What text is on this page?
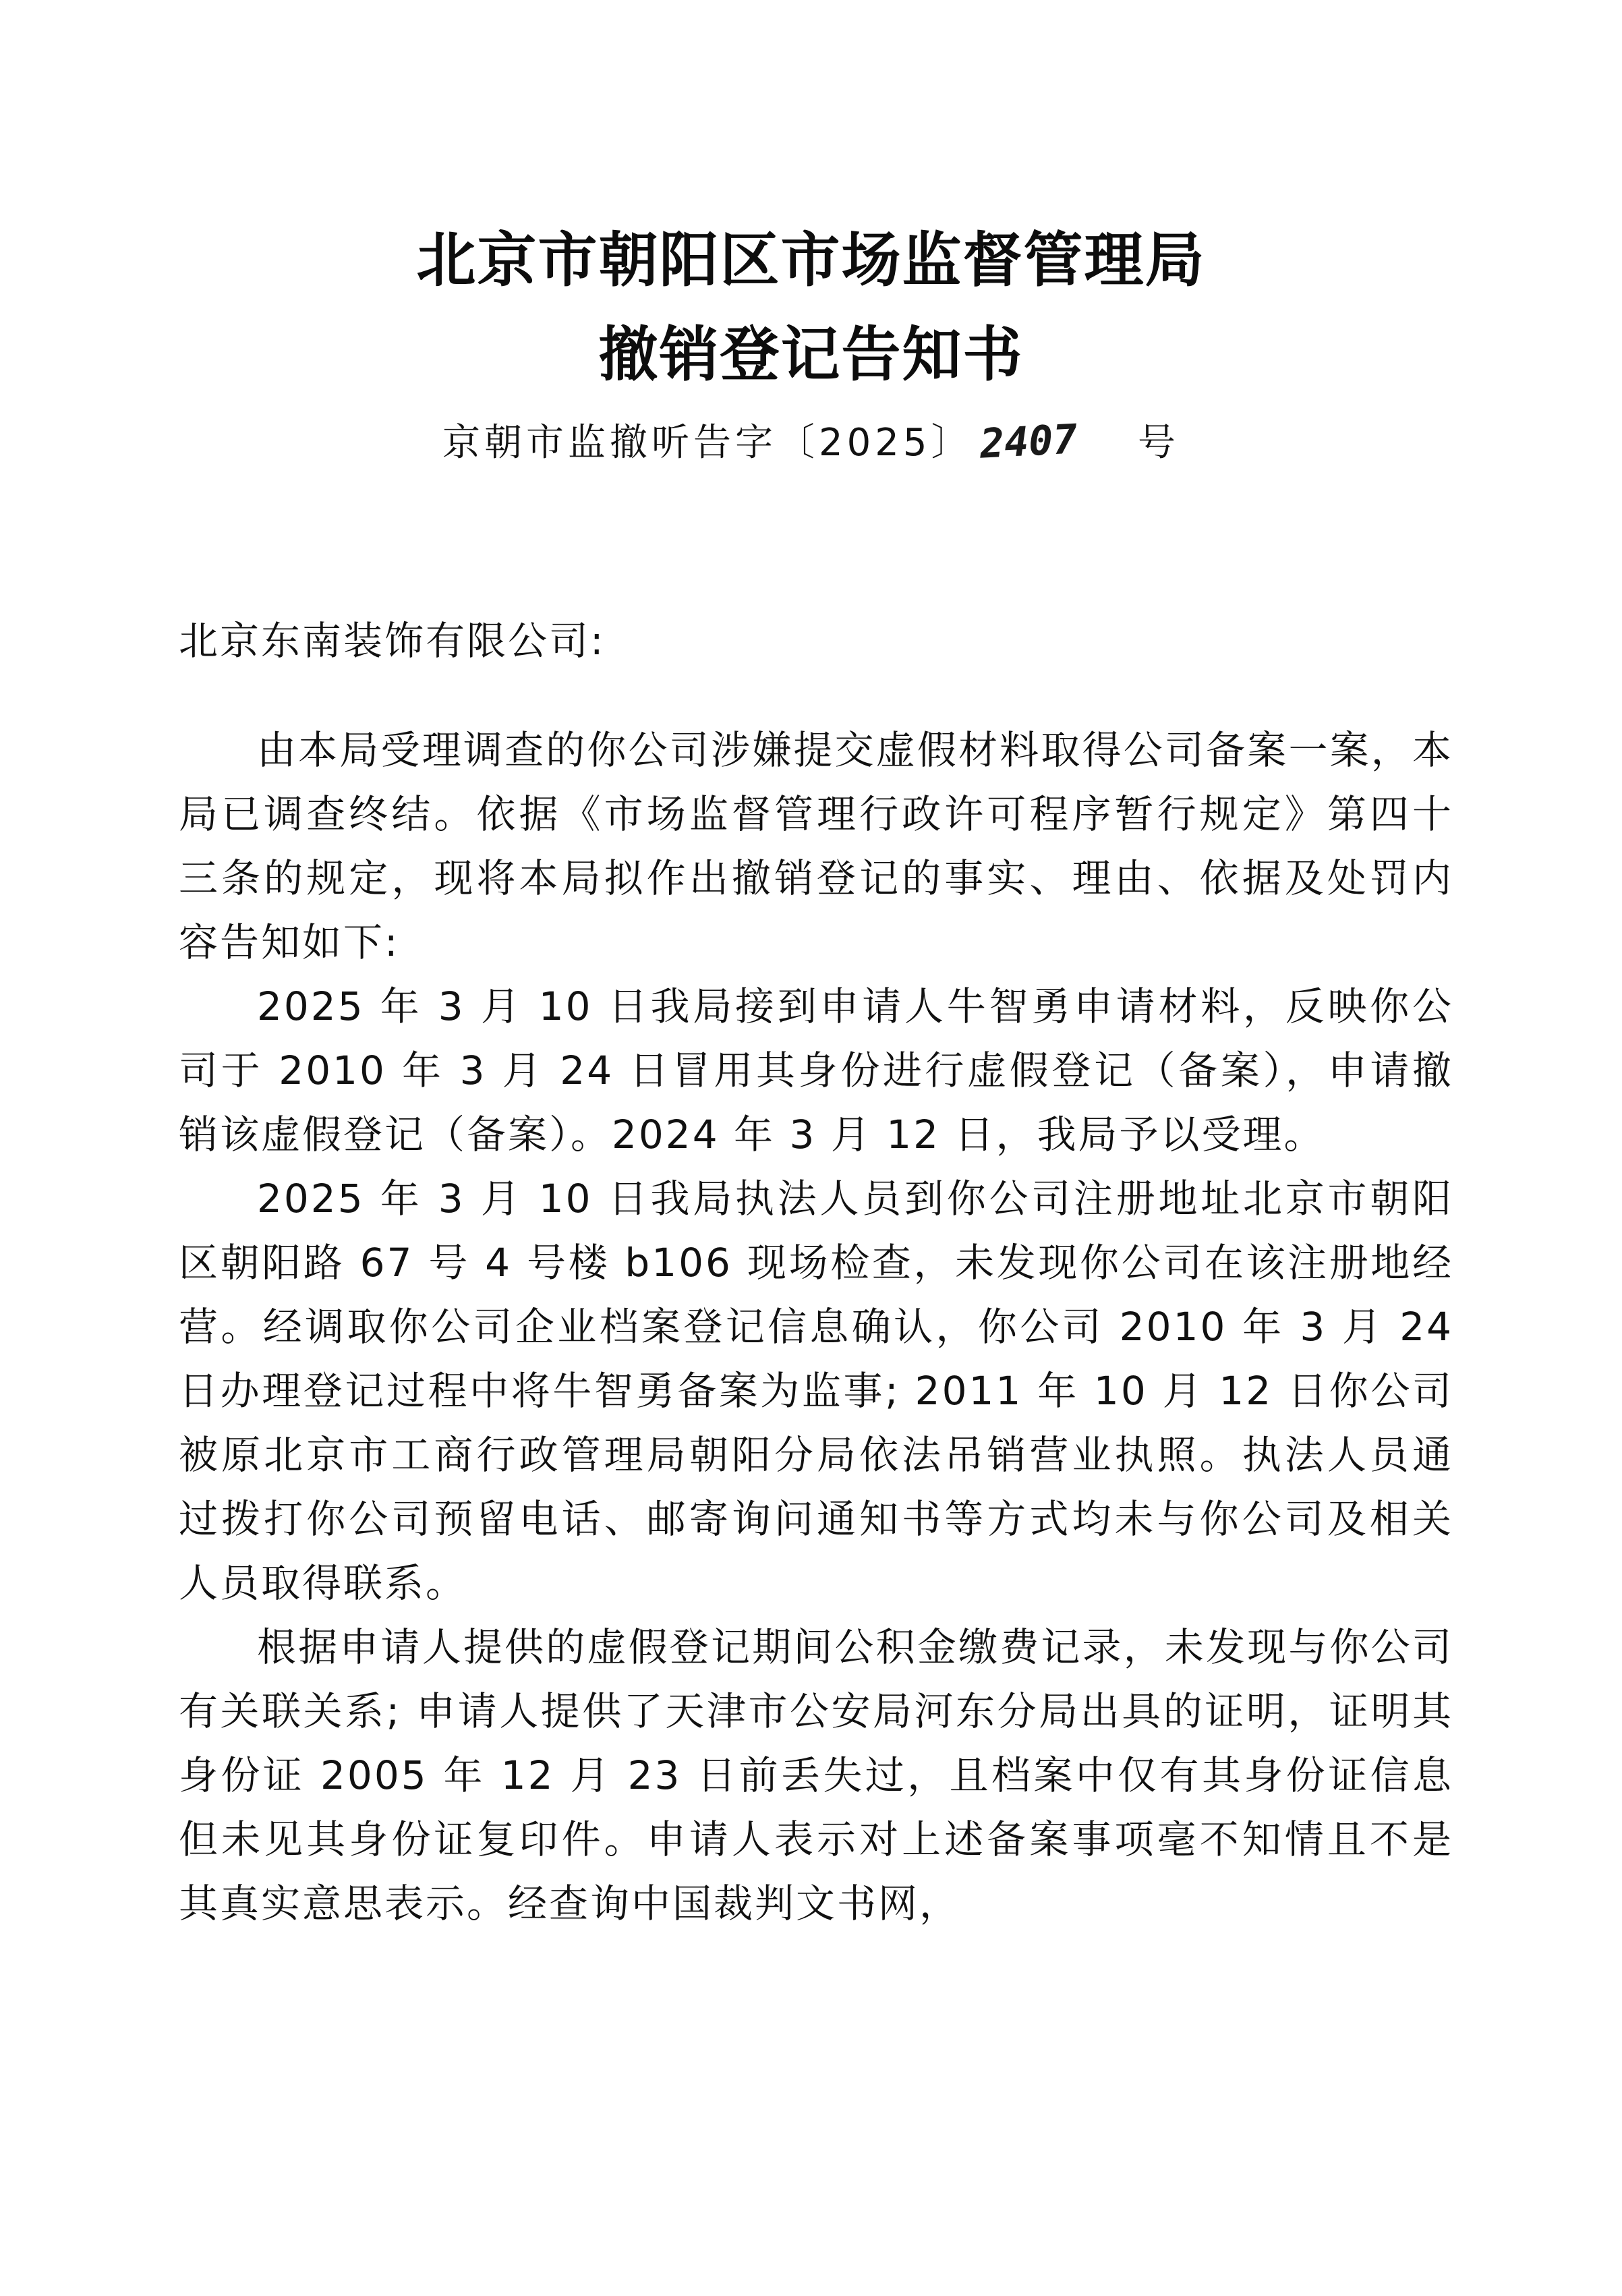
北京市朝阳区市场监督管理局
撤销登记告知书
京朝市监撤听告字〔2025〕 2407 号
北京东南装饰有限公司:

由本局受理调查的你公司涉嫌提交虚假材料取得公司备案一案，本局已调查终结。依据《市场监督管理行政许可程序暂行规定》第四十三条的规定，现将本局拟作出撤销登记的事实、理由、依据及处罚内容告知如下:

2025 年 3 月 10 日我局接到申请人牛智勇申请材料，反映你公司于 2010 年 3 月 24 日冒用其身份进行虚假登记（备案），申请撤销该虚假登记（备案）。2024 年 3 月 12 日，我局予以受理。

2025 年 3 月 10 日我局执法人员到你公司注册地址北京市朝阳区朝阳路 67 号 4 号楼 b106 现场检查，未发现你公司在该注册地经营。经调取你公司企业档案登记信息确认，你公司 2010 年 3 月 24 日办理登记过程中将牛智勇备案为监事; 2011 年 10 月 12 日你公司被原北京市工商行政管理局朝阳分局依法吊销营业执照。执法人员通过拨打你公司预留电话、邮寄询问通知书等方式均未与你公司及相关人员取得联系。

根据申请人提供的虚假登记期间公积金缴费记录，未发现与你公司有关联关系; 申请人提供了天津市公安局河东分局出具的证明，证明其身份证 2005 年 12 月 23 日前丢失过，且档案中仅有其身份证信息但未见其身份证复印件。申请人表示对上述备案事项毫不知情且不是其真实意思表示。经查询中国裁判文书网，
